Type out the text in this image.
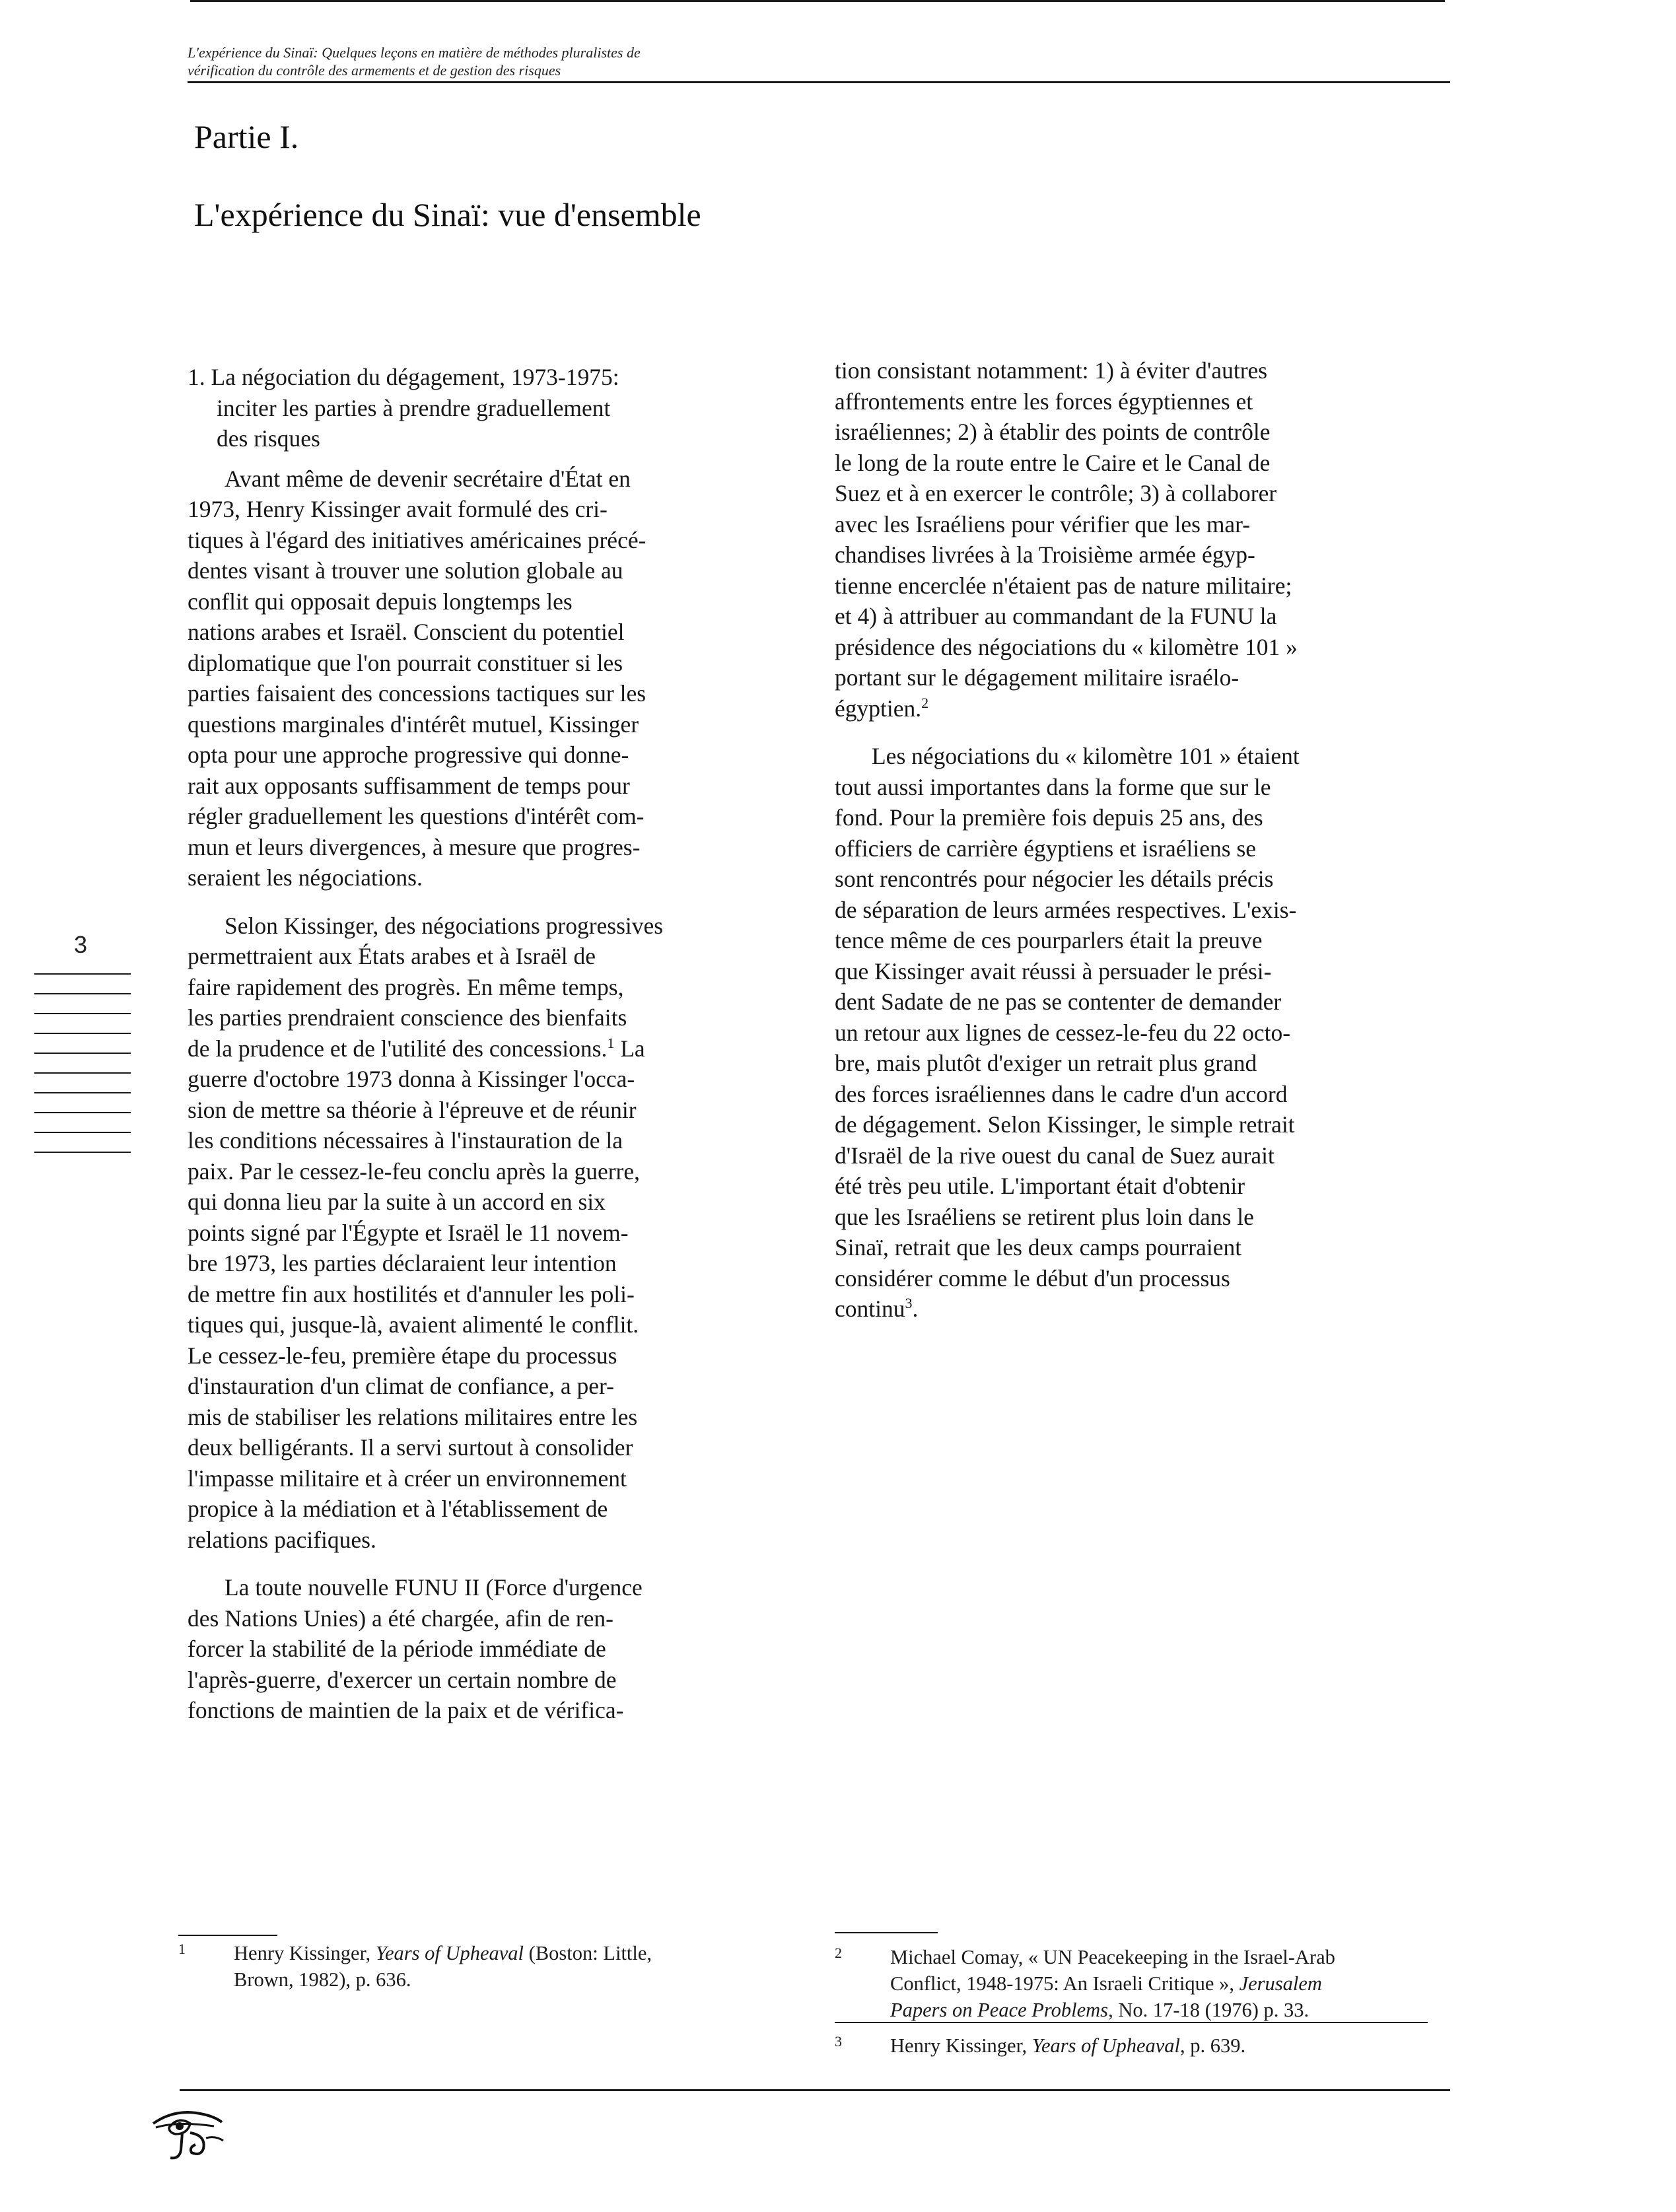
L'expérience du Sinaï: Quelques leçons en matière de méthodes pluralistes de
vérification du contrôle des armements et de gestion des risques
Partie I.
L'expérience du Sinaï: vue d'ensemble
1. La négociation du dégagement, 1973-1975:
inciter les parties à prendre graduellement
des risques
Avant même de devenir secrétaire d'État en
1973, Henry Kissinger avait formulé des cri-
tiques à l'égard des initiatives américaines précé-
dentes visant à trouver une solution globale au
conflit qui opposait depuis longtemps les
nations arabes et Israël. Conscient du potentiel
diplomatique que l'on pourrait constituer si les
parties faisaient des concessions tactiques sur les
questions marginales d'intérêt mutuel, Kissinger
opta pour une approche progressive qui donne-
rait aux opposants suffisamment de temps pour
régler graduellement les questions d'intérêt com-
mun et leurs divergences, à mesure que progres-
seraient les négociations.
Selon Kissinger, des négociations progressives
permettraient aux États arabes et à Israël de
faire rapidement des progrès. En même temps,
les parties prendraient conscience des bienfaits
de la prudence et de l'utilité des concessions.$^1$ La
guerre d'octobre 1973 donna à Kissinger l'occa-
sion de mettre sa théorie à l'épreuve et de réunir
les conditions nécessaires à l'instauration de la
paix. Par le cessez-le-feu conclu après la guerre,
qui donna lieu par la suite à un accord en six
points signé par l'Égypte et Israël le 11 novem-
bre 1973, les parties déclaraient leur intention
de mettre fin aux hostilités et d'annuler les poli-
tiques qui, jusque-là, avaient alimenté le conflit.
Le cessez-le-feu, première étape du processus
d'instauration d'un climat de confiance, a per-
mis de stabiliser les relations militaires entre les
deux belligérants. Il a servi surtout à consolider
l'impasse militaire et à créer un environnement
propice à la médiation et à l'établissement de
relations pacifiques.
La toute nouvelle FUNU II (Force d'urgence
des Nations Unies) a été chargée, afin de ren-
forcer la stabilité de la période immédiate de
l'après-guerre, d'exercer un certain nombre de
fonctions de maintien de la paix et de vérifica-
tion consistant notamment: 1) à éviter d'autres
affrontements entre les forces égyptiennes et
israéliennes; 2) à établir des points de contrôle
le long de la route entre le Caire et le Canal de
Suez et à en exercer le contrôle; 3) à collaborer
avec les Israéliens pour vérifier que les mar-
chandises livrées à la Troisième armée égyp-
tienne encerclée n'étaient pas de nature militaire;
et 4) à attribuer au commandant de la FUNU la
présidence des négociations du « kilomètre 101 »
portant sur le dégagement militaire israélo-
égyptien.$^2$
Les négociations du « kilomètre 101 » étaient
tout aussi importantes dans la forme que sur le
fond. Pour la première fois depuis 25 ans, des
officiers de carrière égyptiens et israéliens se
sont rencontrés pour négocier les détails précis
de séparation de leurs armées respectives. L'exis-
tence même de ces pourparlers était la preuve
que Kissinger avait réussi à persuader le prési-
dent Sadate de ne pas se contenter de demander
un retour aux lignes de cessez-le-feu du 22 octo-
bre, mais plutôt d'exiger un retrait plus grand
des forces israéliennes dans le cadre d'un accord
de dégagement. Selon Kissinger, le simple retrait
d'Israël de la rive ouest du canal de Suez aurait
été très peu utile. L'important était d'obtenir
que les Israéliens se retirent plus loin dans le
Sinaï, retrait que les deux camps pourraient
considérer comme le début d'un processus
continu$^3$.
3
1 Henry Kissinger, Years of Upheaval (Boston: Little,
Brown, 1982), p. 636.
2 Michael Comay, « UN Peacekeeping in the Israel-Arab
Conflict, 1948-1975: An Israeli Critique », Jerusalem
Papers on Peace Problems, No. 17-18 (1976) p. 33.
3 Henry Kissinger, Years of Upheaval, p. 639.
